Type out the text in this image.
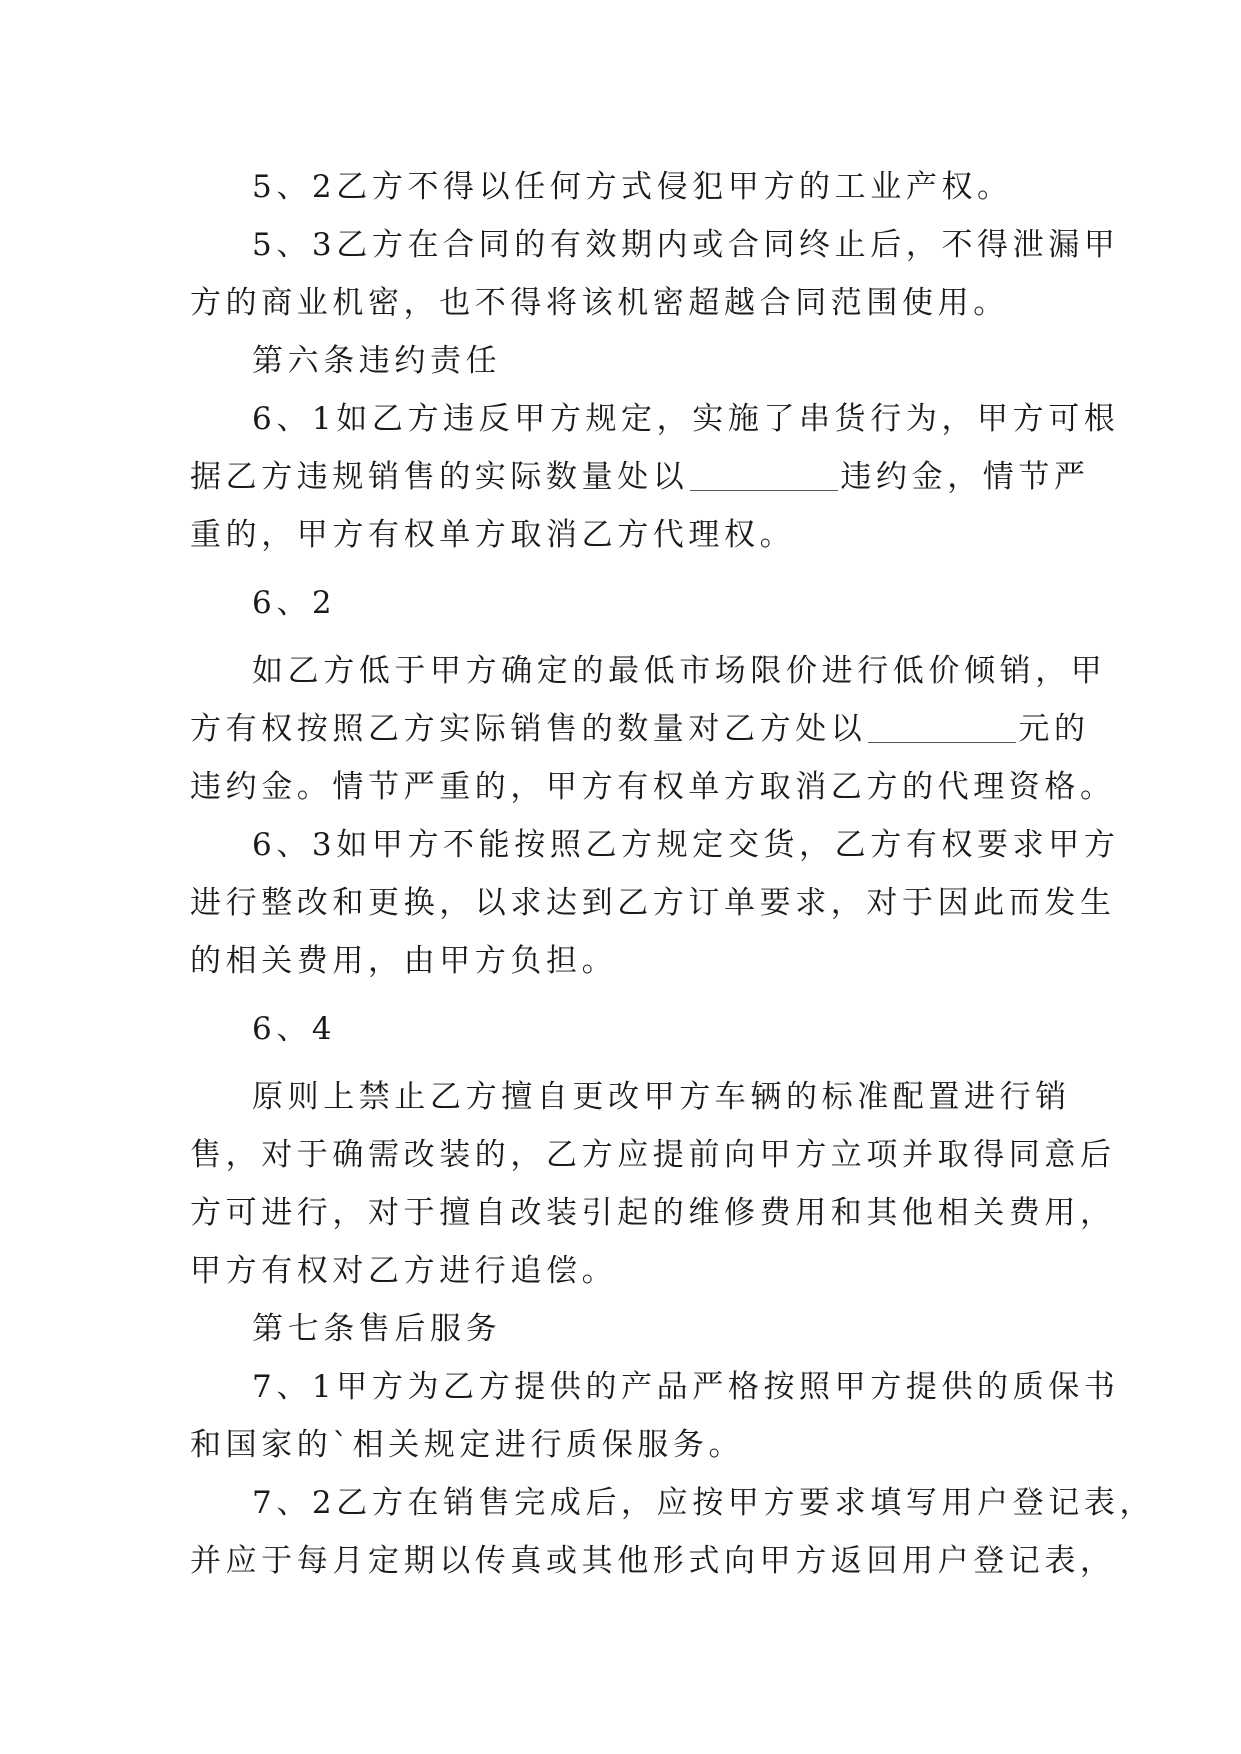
5、2乙方不得以任何方式侵犯甲方的工业产权。
5、3乙方在合同的有效期内或合同终止后，不得泄漏甲
方的商业机密，也不得将该机密超越合同范围使用。
第六条违约责任
6、1如乙方违反甲方规定，实施了串货行为，甲方可根
据乙方违规销售的实际数量处以	违约金，情节严
重的，甲方有权单方取消乙方代理权。
6、2
如乙方低于甲方确定的最低市场限价进行低价倾销，甲
方有权按照乙方实际销售的数量对乙方处以	元的
违约金。情节严重的，甲方有权单方取消乙方的代理资格。
6、3如甲方不能按照乙方规定交货，乙方有权要求甲方
进行整改和更换，以求达到乙方订单要求，对于因此而发生
的相关费用，由甲方负担。
6、4
原则上禁止乙方擅自更改甲方车辆的标准配置进行销
售，对于确需改装的，乙方应提前向甲方立项并取得同意后
方可进行，对于擅自改装引起的维修费用和其他相关费用，
甲方有权对乙方进行追偿。
第七条售后服务
7、1甲方为乙方提供的产品严格按照甲方提供的质保书
和国家的`相关规定进行质保服务。
7、2乙方在销售完成后，应按甲方要求填写用户登记表，
并应于每月定期以传真或其他形式向甲方返回用户登记表，
